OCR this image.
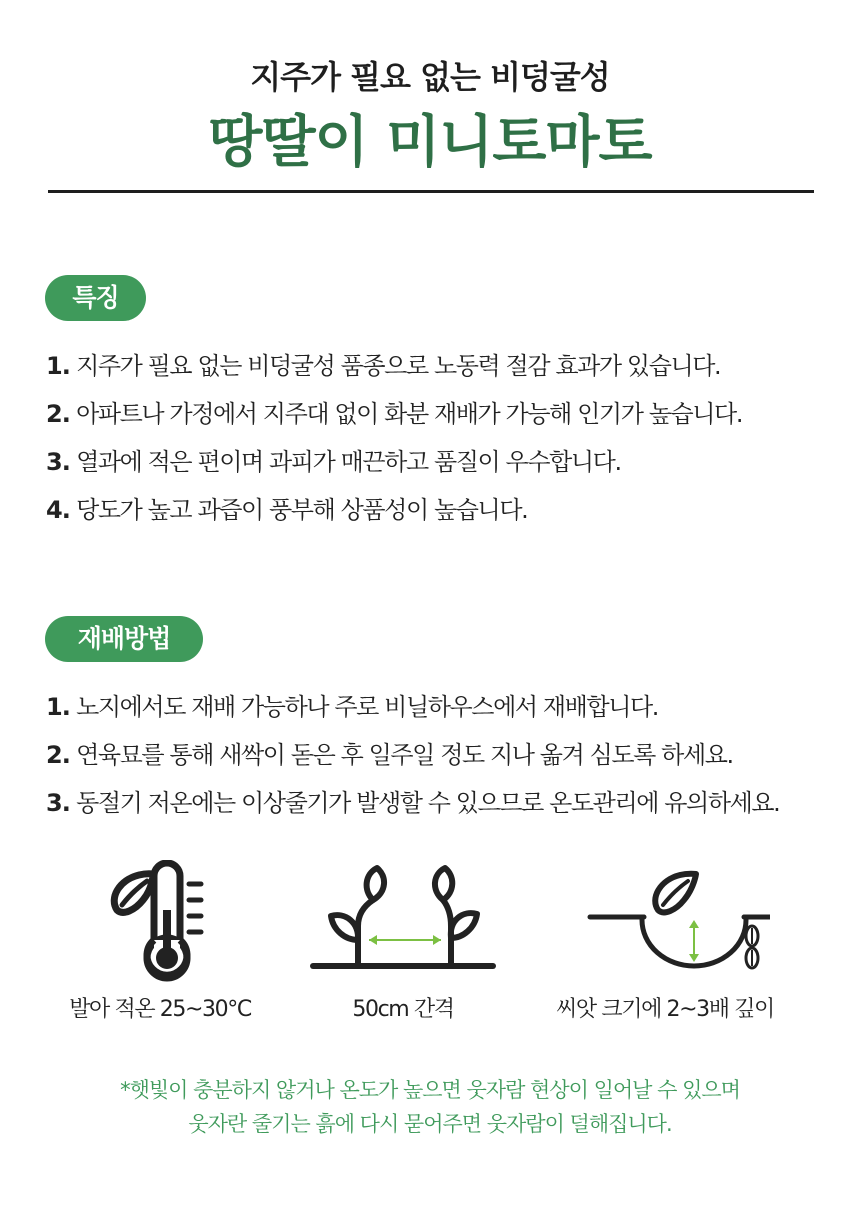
지주가 필요 없는 비덩굴성
땅딸이 미니토마토
특징
1. 지주가 필요 없는 비덩굴성 품종으로 노동력 절감 효과가 있습니다.
2. 아파트나 가정에서 지주대 없이 화분 재배가 가능해 인기가 높습니다.
3. 열과에 적은 편이며 과피가 매끈하고 품질이 우수합니다.
4. 당도가 높고 과즙이 풍부해 상품성이 높습니다.
재배방법
1. 노지에서도 재배 가능하나 주로 비닐하우스에서 재배합니다.
2. 연육묘를 통해 새싹이 돋은 후 일주일 정도 지나 옮겨 심도록 하세요.
3. 동절기 저온에는 이상줄기가 발생할 수 있으므로 온도관리에 유의하세요.
발아 적온 25~30°C	50cm 간격	씨앗 크기에 2~3배 깊이
*햇빛이 충분하지 않거나 온도가 높으면 웃자람 현상이 일어날 수 있으며
웃자란 줄기는 흙에 다시 묻어주면 웃자람이 덜해집니다.
